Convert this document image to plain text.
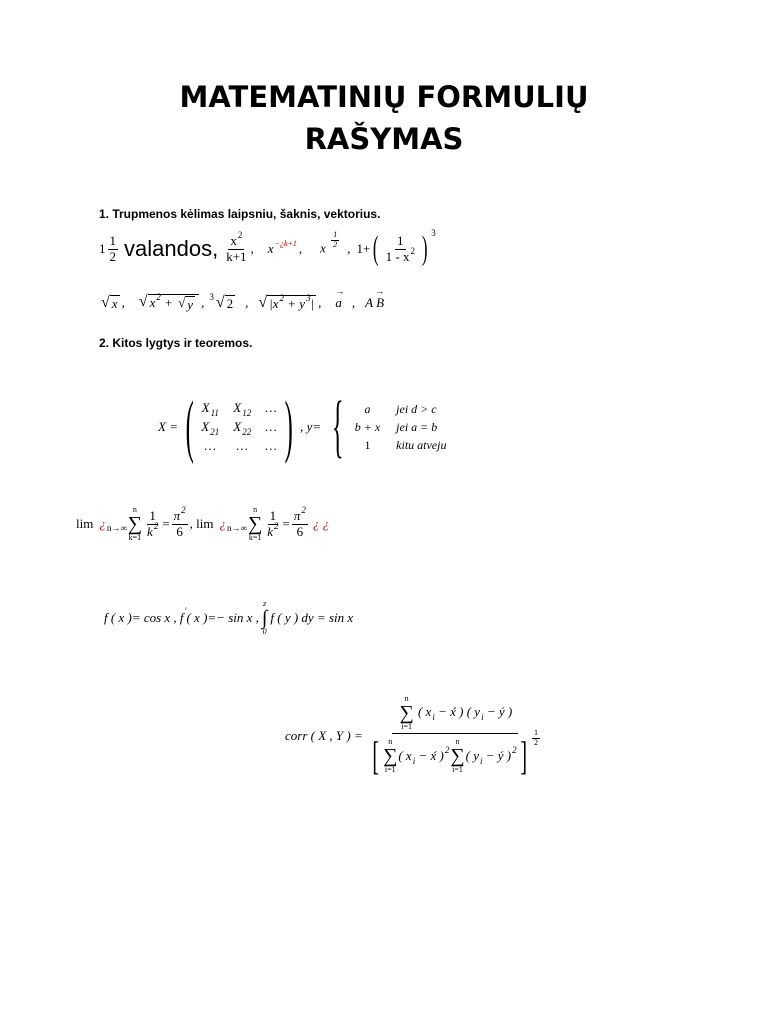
MATEMATINIŲ FORMULIŲ
RAŠYMAS

1. Trupmenos kėlimas laipsniu, šaknis, vektorius.

1
1
2 valandos, $x^2$
k+1 , $x^{-¿k+1}$ , x $\frac{1}{2}$ , 1+ ( 1
$1 - x^2$ ) 3
√ x , √ $x^2$ + √ y , $^3$ √ 2 , √ $|x^2 + y^3|$ ,
→
a ,
→
A B

2. Kitos lygtys ir teoremos.

X = ( $X_{11}$ $X_{12}$ …
$X_{21}$ $X_{22}$ …
… … … ) , y= {	a	jei d > c
b + x jei a = b
1	kitu atveju
lim ¿ n→∞
n
∑
$k=1 \frac{1}{k^2} = \frac{\pi^2}{6}$ , lim ¿ n→∞
n
∑
$k=1 \frac{1}{k^2} = \frac{\pi^2}{6}$ ¿ ¿
f ( x )= cos x , f ' ( x )=− sin x ,
z
∫
0
f ( y ) dy = sin x
corr ( X , Y ) =
n
∑
i=1
( $x_i$ − x́ ) ( $y_i$ − ý )
[ n
∑
i=1
( $x_i$ − x́ )$^2$
n
∑
i=1
( $y_i$ − ý )$^2$ ]
1
2
